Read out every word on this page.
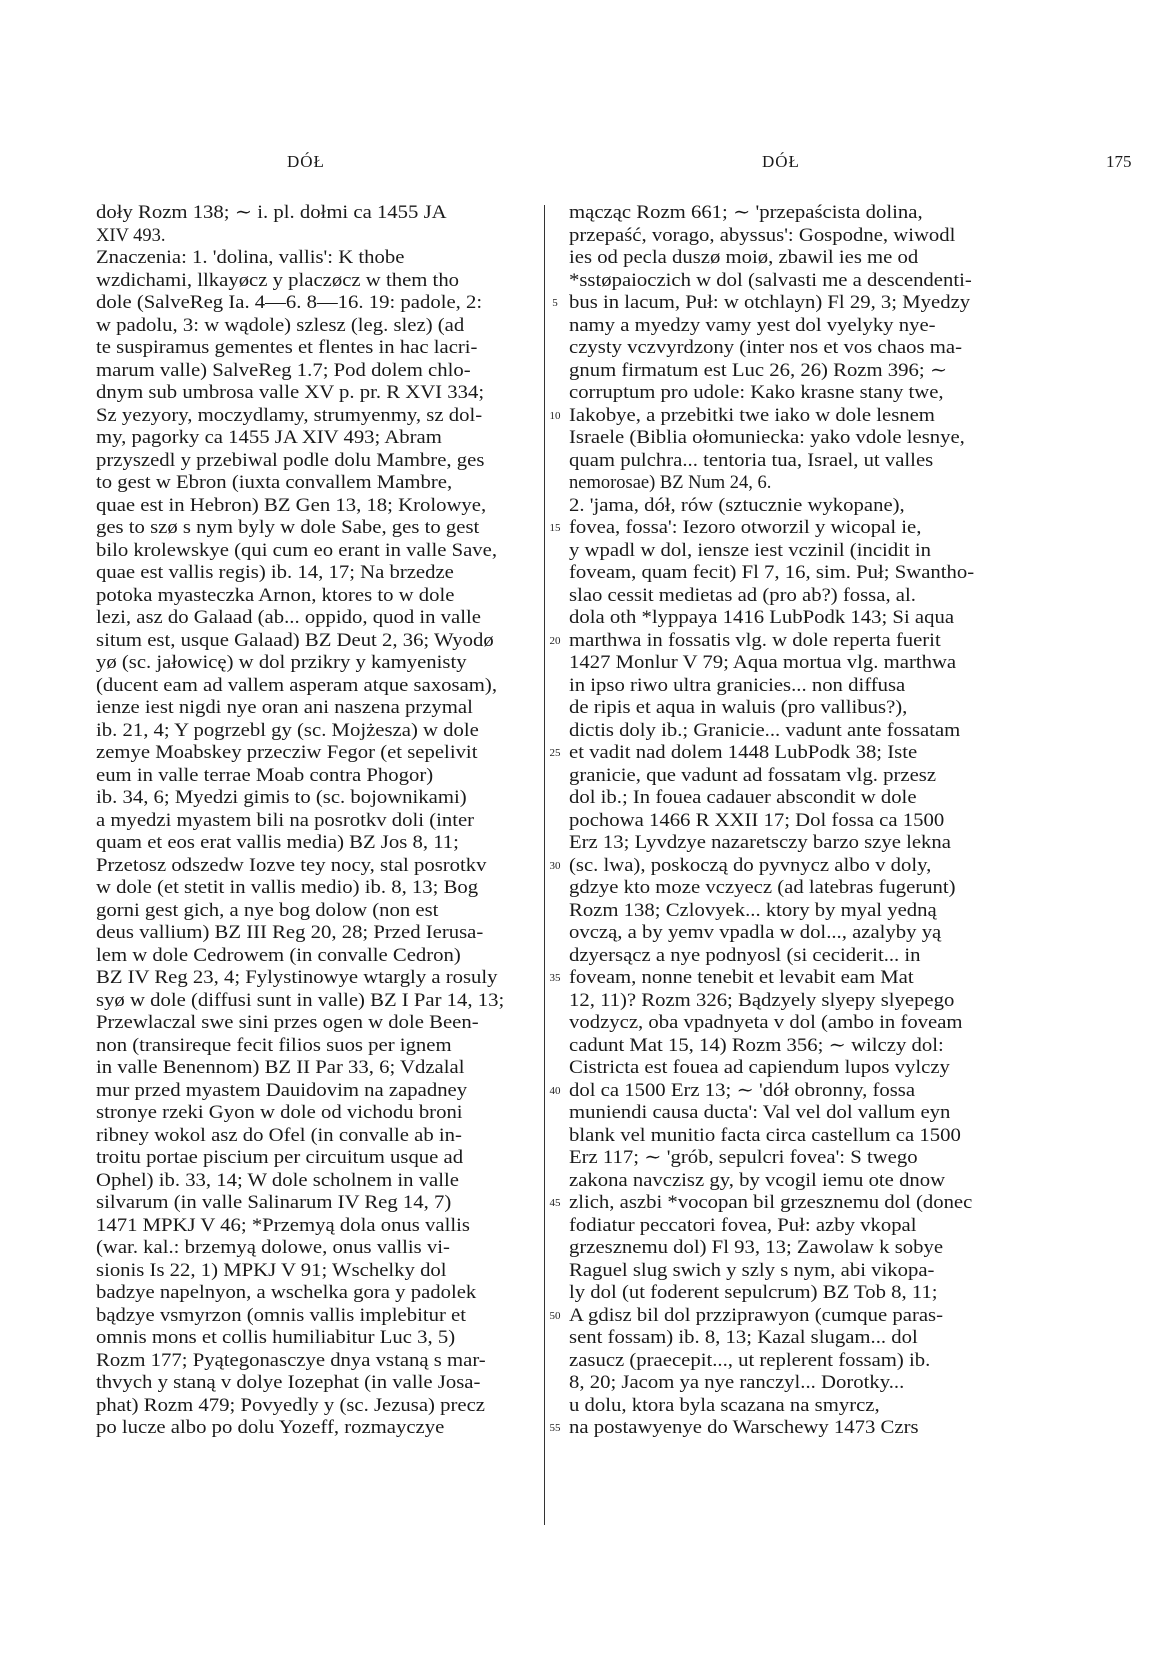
DÓŁ	DÓŁ	175

doły Rozm 138; ∼ i. pl. dołmi ca 1455 JA

XIV 493.

Znaczenia: 1. 'dolina, vallis': K thobe

wzdichami, llkayøcz y placzøcz w them tho

dole (SalveReg Ia. 4—6. 8—16. 19: padole, 2:

w padolu, 3: w wądole) szlesz (leg. slez) (ad

te suspiramus gementes et flentes in hac lacri-

marum valle) SalveReg 1.7; Pod dolem chlo-

dnym sub umbrosa valle XV p. pr. R XVI 334;

Sz yezyory, moczydlamy, strumyenmy, sz dol-

my, pagorky ca 1455 JA XIV 493; Abram

przyszedl y przebiwal podle dolu Mambre, ges

to gest w Ebron (iuxta convallem Mambre,

quae est in Hebron) BZ Gen 13, 18; Krolowye,

ges to szø s nym byly w dole Sabe, ges to gest

bilo krolewskye (qui cum eo erant in valle Save,

quae est vallis regis) ib. 14, 17; Na brzedze

potoka myasteczka Arnon, ktores to w dole

lezi, asz do Galaad (ab... oppido, quod in valle

situm est, usque Galaad) BZ Deut 2, 36; Wyodø

yø (sc. jałowicę) w dol przikry y kamyenisty

(ducent eam ad vallem asperam atque saxosam),

ienze iest nigdi nye oran ani naszena przymal

ib. 21, 4; Y pogrzebl gy (sc. Mojżesza) w dole

zemye Moabskey przecziw Fegor (et sepelivit

eum in valle terrae Moab contra Phogor)

ib. 34, 6; Myedzi gimis to (sc. bojownikami)

a myedzi myastem bili na posrotkv doli (inter

quam et eos erat vallis media) BZ Jos 8, 11;

Przetosz odszedw Iozve tey nocy, stal posrotkv

w dole (et stetit in vallis medio) ib. 8, 13; Bog

gorni gest gich, a nye bog dolow (non est

deus vallium) BZ III Reg 20, 28; Przed Ierusa-

lem w dole Cedrowem (in convalle Cedron)

BZ IV Reg 23, 4; Fylystinowye wtargly a rosuly

syø w dole (diffusi sunt in valle) BZ I Par 14, 13;

Przewlaczal swe sini przes ogen w dole Been-

non (transireque fecit filios suos per ignem

in valle Benennom) BZ II Par 33, 6; Vdzalal

mur przed myastem Dauidovim na zapadney

stronye rzeki Gyon w dole od vichodu broni

ribney wokol asz do Ofel (in convalle ab in-

troitu portae piscium per circuitum usque ad

Ophel) ib. 33, 14; W dole scholnem in valle

silvarum (in valle Salinarum IV Reg 14, 7)

1471 MPKJ V 46; *Przemyą dola onus vallis

(war. kal.: brzemyą dolowe, onus vallis vi-

sionis Is 22, 1) MPKJ V 91; Wschelky dol

badzye napelnyon, a wschelka gora y padolek

bądzye vsmyrzon (omnis vallis implebitur et

omnis mons et collis humiliabitur Luc 3, 5)

Rozm 177; Pyątegonasczye dnya vstaną s mar-

thvych y staną v dolye Iozephat (in valle Josa-

phat) Rozm 479; Povyedly y (sc. Jezusa) precz

po lucze albo po dolu Yozeff, rozmayczye

5
10
15
20
25
30
35
40
45
50
55

mącząc Rozm 661; ∼ 'przepaścista dolina,

przepaść, vorago, abyssus': Gospodne, wiwodl

ies od pecla duszø moiø, zbawil ies me od

*sstøpaioczich w dol (salvasti me a descendenti-

bus in lacum, Puł: w otchlayn) Fl 29, 3; Myedzy

namy a myedzy vamy yest dol vyelyky nye-

czysty vczvyrdzony (inter nos et vos chaos ma-

gnum firmatum est Luc 26, 26) Rozm 396; ∼

corruptum pro udole: Kako krasne stany twe,

Iakobye, a przebitki twe iako w dole lesnem

Israele (Biblia ołomuniecka: yako vdole lesnye,

quam pulchra... tentoria tua, Israel, ut valles

nemorosae) BZ Num 24, 6.

2. 'jama, dół, rów (sztucznie wykopane),

fovea, fossa': Iezoro otworzil y wicopal ie,

y wpadl w dol, iensze iest vczinil (incidit in

foveam, quam fecit) Fl 7, 16, sim. Puł; Swantho-

slao cessit medietas ad (pro ab?) fossa, al.

dola oth *lyppaya 1416 LubPodk 143; Si aqua

marthwa in fossatis vlg. w dole reperta fuerit

1427 Monlur V 79; Aqua mortua vlg. marthwa

in ipso riwo ultra granicies... non diffusa

de ripis et aqua in waluis (pro vallibus?),

dictis doly ib.; Granicie... vadunt ante fossatam

et vadit nad dolem 1448 LubPodk 38; Iste

granicie, que vadunt ad fossatam vlg. przesz

dol ib.; In fouea cadauer abscondit w dole

pochowa 1466 R XXII 17; Dol fossa ca 1500

Erz 13; Lyvdzye nazaretsczy barzo szye lekna

(sc. lwa), poskoczą do pyvnycz albo v doly,

gdzye kto moze vczyecz (ad latebras fugerunt)

Rozm 138; Czlovyek... ktory by myal yedną

ovczą, a by yemv vpadla w dol..., azalyby yą

dzyersącz a nye podnyosl (si ceciderit... in

foveam, nonne tenebit et levabit eam Mat

12, 11)? Rozm 326; Bądzyely slyepy slyepego

vodzycz, oba vpadnyeta v dol (ambo in foveam

cadunt Mat 15, 14) Rozm 356; ∼ wilczy dol:

Cistricta est fouea ad capiendum lupos vylczy

dol ca 1500 Erz 13; ∼ 'dół obronny, fossa

muniendi causa ducta': Val vel dol vallum eyn

blank vel munitio facta circa castellum ca 1500

Erz 117; ∼ 'grób, sepulcri fovea': S twego

zakona navczisz gy, by vcogil iemu ote dnow

zlich, aszbi *vocopan bil grzesznemu dol (donec

fodiatur peccatori fovea, Puł: azby vkopal

grzesznemu dol) Fl 93, 13; Zawolaw k sobye

Raguel slug swich y szly s nym, abi vikopa-

ly dol (ut foderent sepulcrum) BZ Tob 8, 11;

A gdisz bil dol przziprawyon (cumque paras-

sent fossam) ib. 8, 13; Kazal slugam... dol

zasucz (praecepit..., ut replerent fossam) ib.

8, 20; Jacom ya nye ranczyl... Dorotky...

u dolu, ktora byla scazana na smyrcz,

na postawyenye do Warschewy 1473 Czrs
